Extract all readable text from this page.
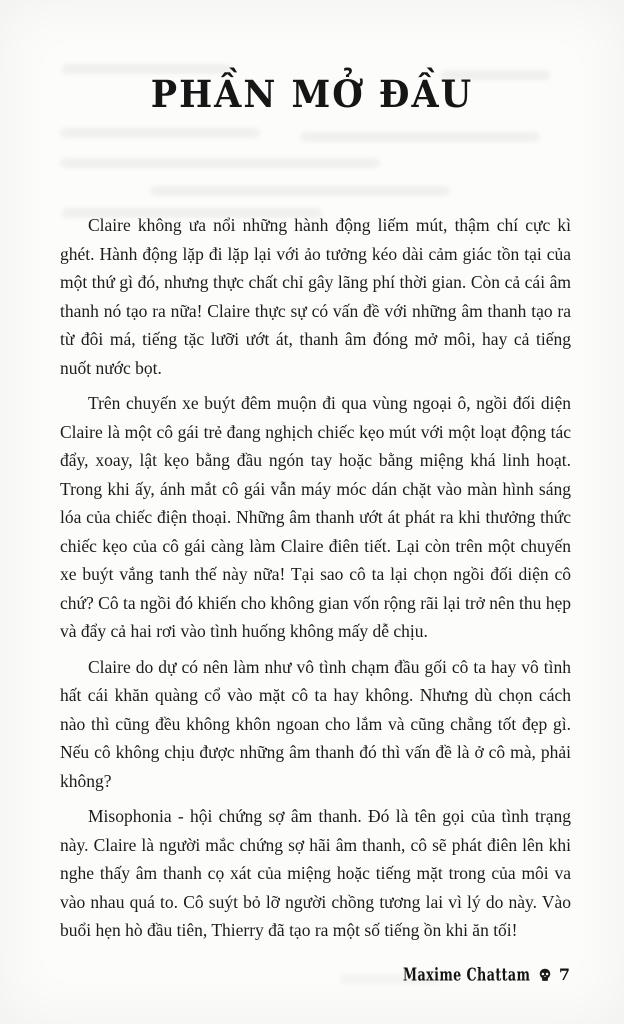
PHẦN MỞ ĐẦU

Claire không ưa nổi những hành động liếm mút, thậm chí cực kì ghét. Hành động lặp đi lặp lại với ảo tưởng kéo dài cảm giác tồn tại của một thứ gì đó, nhưng thực chất chỉ gây lãng phí thời gian. Còn cả cái âm thanh nó tạo ra nữa! Claire thực sự có vấn đề với những âm thanh tạo ra từ đôi má, tiếng tặc lưỡi ướt át, thanh âm đóng mở môi, hay cả tiếng nuốt nước bọt.

Trên chuyến xe buýt đêm muộn đi qua vùng ngoại ô, ngồi đối diện Claire là một cô gái trẻ đang nghịch chiếc kẹo mút với một loạt động tác đẩy, xoay, lật kẹo bằng đầu ngón tay hoặc bằng miệng khá linh hoạt. Trong khi ấy, ánh mắt cô gái vẫn máy móc dán chặt vào màn hình sáng lóa của chiếc điện thoại. Những âm thanh ướt át phát ra khi thưởng thức chiếc kẹo của cô gái càng làm Claire điên tiết. Lại còn trên một chuyến xe buýt vắng tanh thế này nữa! Tại sao cô ta lại chọn ngồi đối diện cô chứ? Cô ta ngồi đó khiến cho không gian vốn rộng rãi lại trở nên thu hẹp và đẩy cả hai rơi vào tình huống không mấy dễ chịu.

Claire do dự có nên làm như vô tình chạm đầu gối cô ta hay vô tình hất cái khăn quàng cổ vào mặt cô ta hay không. Nhưng dù chọn cách nào thì cũng đều không khôn ngoan cho lắm và cũng chẳng tốt đẹp gì. Nếu cô không chịu được những âm thanh đó thì vấn đề là ở cô mà, phải không?

Misophonia - hội chứng sợ âm thanh. Đó là tên gọi của tình trạng này. Claire là người mắc chứng sợ hãi âm thanh, cô sẽ phát điên lên khi nghe thấy âm thanh cọ xát của miệng hoặc tiếng mặt trong của môi va vào nhau quá to. Cô suýt bỏ lỡ người chồng tương lai vì lý do này. Vào buổi hẹn hò đầu tiên, Thierry đã tạo ra một số tiếng ồn khi ăn tối!

Maxime Chattam 7
